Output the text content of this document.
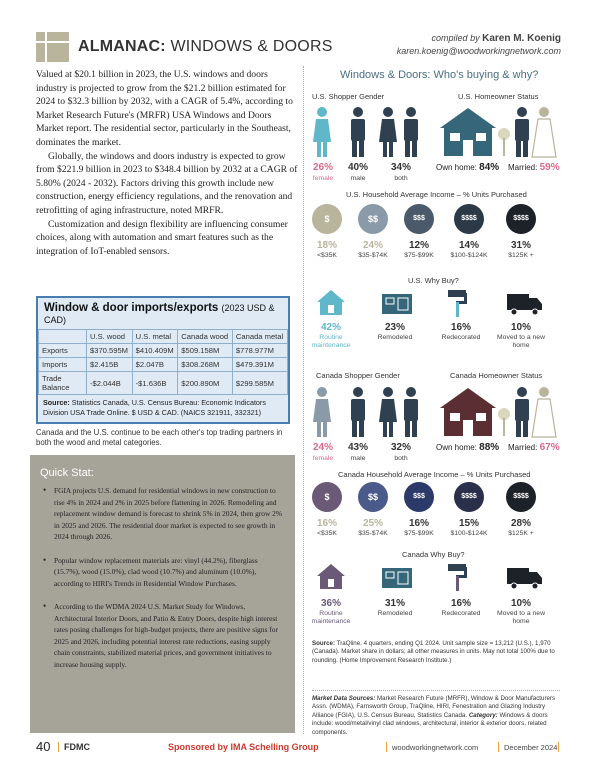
ALMANAC: WINDOWS & DOORS	compiled by Karen M. Koenig
karen.koenig@woodworkingnetwork.com

Valued at $20.1 billion in 2023, the U.S. windows and doors industry is projected to grow from the $21.2 billion estimated for 2024 to $32.3 billion by 2032, with a CAGR of 5.4%, according to Market Research Future's (MRFR) USA Windows and Doors Market report. The residential sector, particularly in the Southeast, dominates the market.

Globally, the windows and doors industry is expected to grow from $221.9 billion in 2023 to $348.4 billion by 2032 at a CAGR of 5.80% (2024 - 2032). Factors driving this growth include new construction, energy efficiency regulations, and the renovation and retrofitting of aging infrastructure, noted MRFR.

Customization and design flexibility are influencing consumer choices, along with automation and smart features such as the integration of IoT-enabled sensors.

Window & door imports/exports (2023 USD & CAD)
	U.S. wood	U.S. metal	Canada wood	Canada metal
Exports	$370.595M	$410.409M	$509.158M	$778.977M
Imports	$2.415B	$2.047B	$308.268M	$479.391M
Trade Balance	-$2.044B	-$1.636B	$200.890M	$299.585M
Source: Statistics Canada, U.S. Census Bureau: Economic Indicators Division USA Trade Online. $ USD & CAD. (NAICS 321911, 332321)
Canada and the U.S. continue to be each other's top trading partners in both the wood and metal categories.
Quick Stat:
• FGIA projects U.S. demand for residential windows in new construction to rise 4% in 2024 and 2% in 2025 before flattening in 2026. Remodeling and replacement window demand is forecast to shrink 5% in 2024, then grow 2% in 2025 and 2026. The residential door market is expected to see growth in 2024 through 2026.
• Popular window replacement materials are: vinyl (44.2%), fiberglass (15.7%), wood (15.0%), clad wood (10.7%) and aluminum (10.0%), according to HIRI's Trends in Residential Window Purchases.
• According to the WDMA 2024 U.S. Market Study for Windows, Architectural Interior Doors, and Patio & Entry Doors, despite high interest rates posing challenges for high-budget projects, there are positive signs for 2025 and 2026, including potential interest rate reductions, easing supply chain constraints, stabilized material prices, and government initiatives to increase housing supply.
Windows & Doors: Who's buying & why?
U.S. Shopper Gender	U.S. Homeowner Status
26%
female
40%
male
34%
both
Own home: 84% Married: 59%
U.S. Household Average Income – % Units Purchased
$
18%
<$35K
$$
24%
$35-$74K
$$$
12%
$75-$99K
$$$$
14%
$100-$124K
$$$$
31%
$125K +
U.S. Why Buy?
42%
Routine maintenance
23%
Remodeled
16%
Redecorated
10%
Moved to a new home
Canada Shopper Gender	Canada Homeowner Status
24%
female
43%
male
32%
both
Own home: 88% Married: 67%
Canada Household Average Income – % Units Purchased
$
16%
<$35K
$$
25%
$35-$74K
$$$
16%
$75-$99K
$$$$
15%
$100-$124K
$$$$
28%
$125K +
Canada Why Buy?
36%
Routine maintenance
31%
Remodeled
16%
Redecorated
10%
Moved to a new home
Source: TraQline. 4 quarters, ending Q1 2024. Unit sample size = 13,212 (U.S.), 1,970 (Canada). Market share in dollars; all other measures in units. May not total 100% due to rounding. (Home Improvement Research Institute.)
Market Data Sources: Market Research Future (MRFR), Window & Door Manufacturers Assn. (WDMA), Farnsworth Group, TraQline, HIRI, Fenestration and Glazing Industry Alliance (FGIA), U.S. Census Bureau, Statistics Canada. Category: Windows & doors include: wood/metal/vinyl clad windows, architectural, interior & exterior doors, related components.
40 FDMC	Sponsored by IMA Schelling Group	woodworkingnetwork.com	December 2024
